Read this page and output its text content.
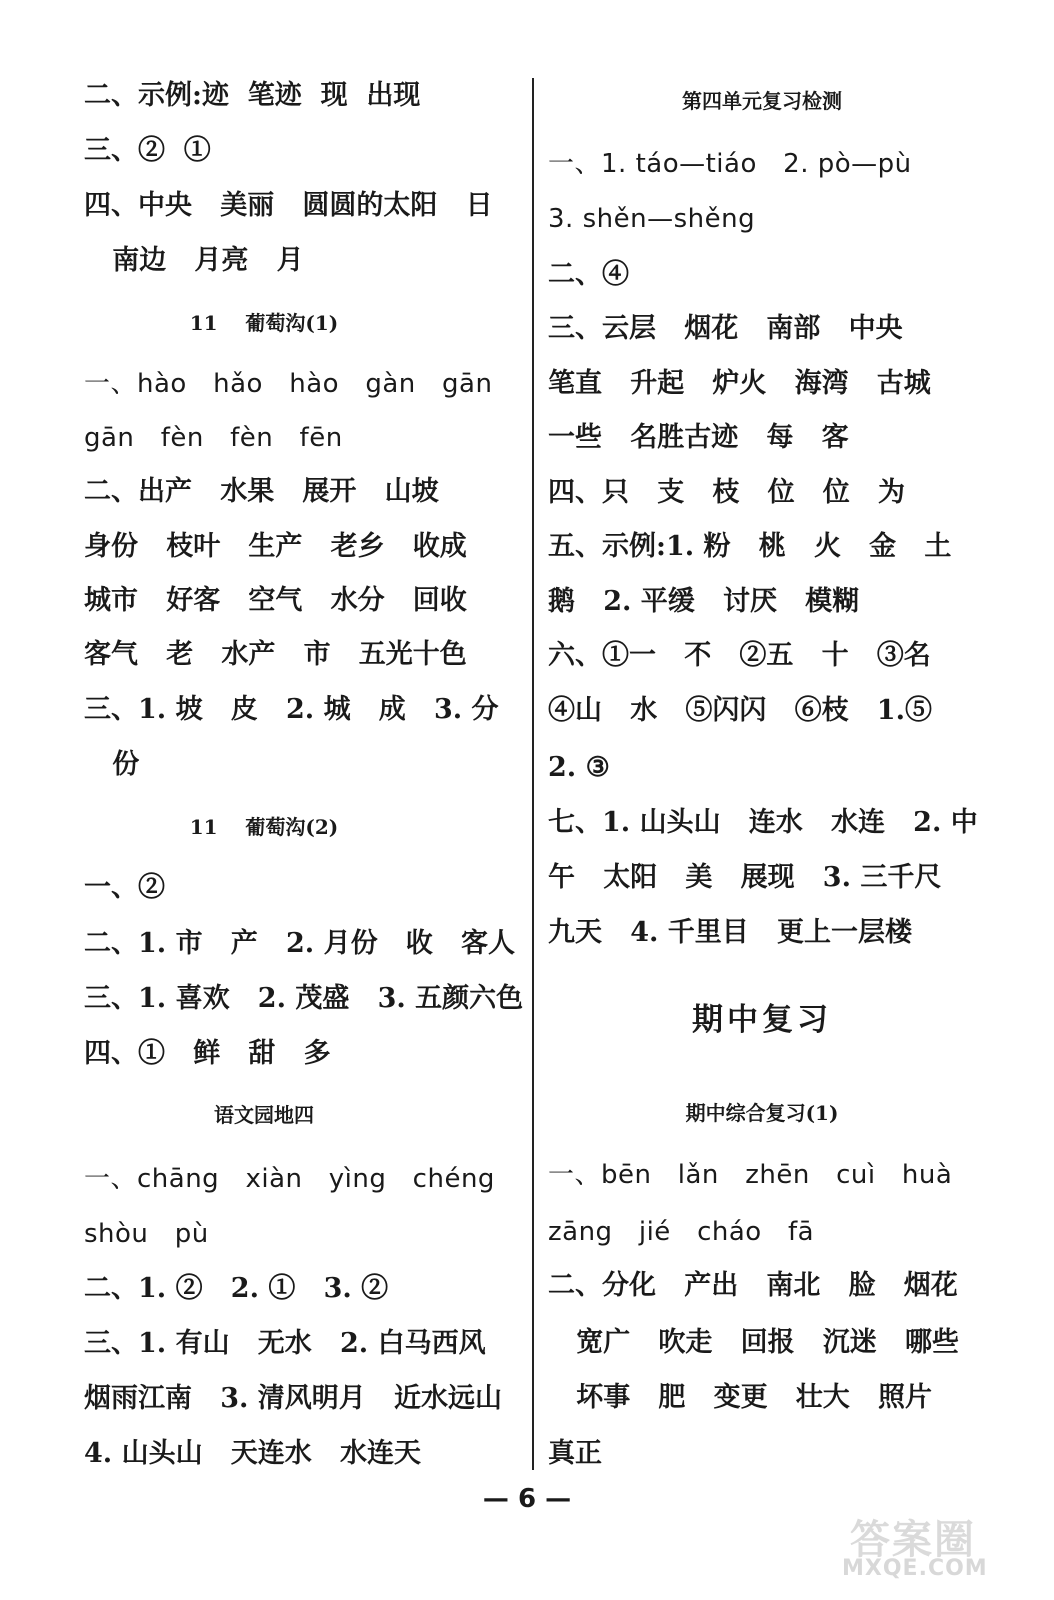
二、示例:迹  笔迹  现  出现
三、②  ①
四、中央   美丽   圆圆的太阳   日
南边   月亮   月
11    葡萄沟(1)
一、hào   hǎo   hào   gàn   gān
gān   fèn   fèn   fēn
二、出产   水果   展开   山坡
身份   枝叶   生产   老乡   收成
城市   好客   空气   水分   回收
客气   老   水产   市   五光十色
三、1. 坡   皮   2. 城   成   3. 分
份
11    葡萄沟(2)
一、②
二、1. 市   产   2. 月份   收   客人
三、1. 喜欢   2. 茂盛   3. 五颜六色
四、①   鲜   甜   多
语文园地四
一、chāng   xiàn   yìng   chéng
shòu   pù
二、1. ②   2. ①   3. ②
三、1. 有山   无水   2. 白马西风
烟雨江南   3. 清风明月   近水远山
4. 山头山   天连水   水连天
第四单元复习检测
一、1. táo—tiáo   2. pò—pù
3. shěn—shěng
二、④
三、云层   烟花   南部   中央
笔直   升起   炉火   海湾   古城
一些   名胜古迹   每   客
四、只   支   枝   位   位   为
五、示例:1. 粉   桃   火   金   土
鹅   2. 平缓   讨厌   模糊
六、①一   不   ②五   十   ③名
④山   水   ⑤闪闪   ⑥枝   1.⑤
2. ③
七、1. 山头山   连水   水连   2. 中
午   太阳   美   展现   3. 三千尺
九天   4. 千里目   更上一层楼
期中复习
期中综合复习(1)
一、bēn   lǎn   zhēn   cuì   huà
zāng   jié   cháo   fā
二、分化   产出   南北   脸   烟花
宽广   吹走   回报   沉迷   哪些
坏事   肥   变更   壮大   照片
真正
— 6 —
答案圈
MXQE.COM
